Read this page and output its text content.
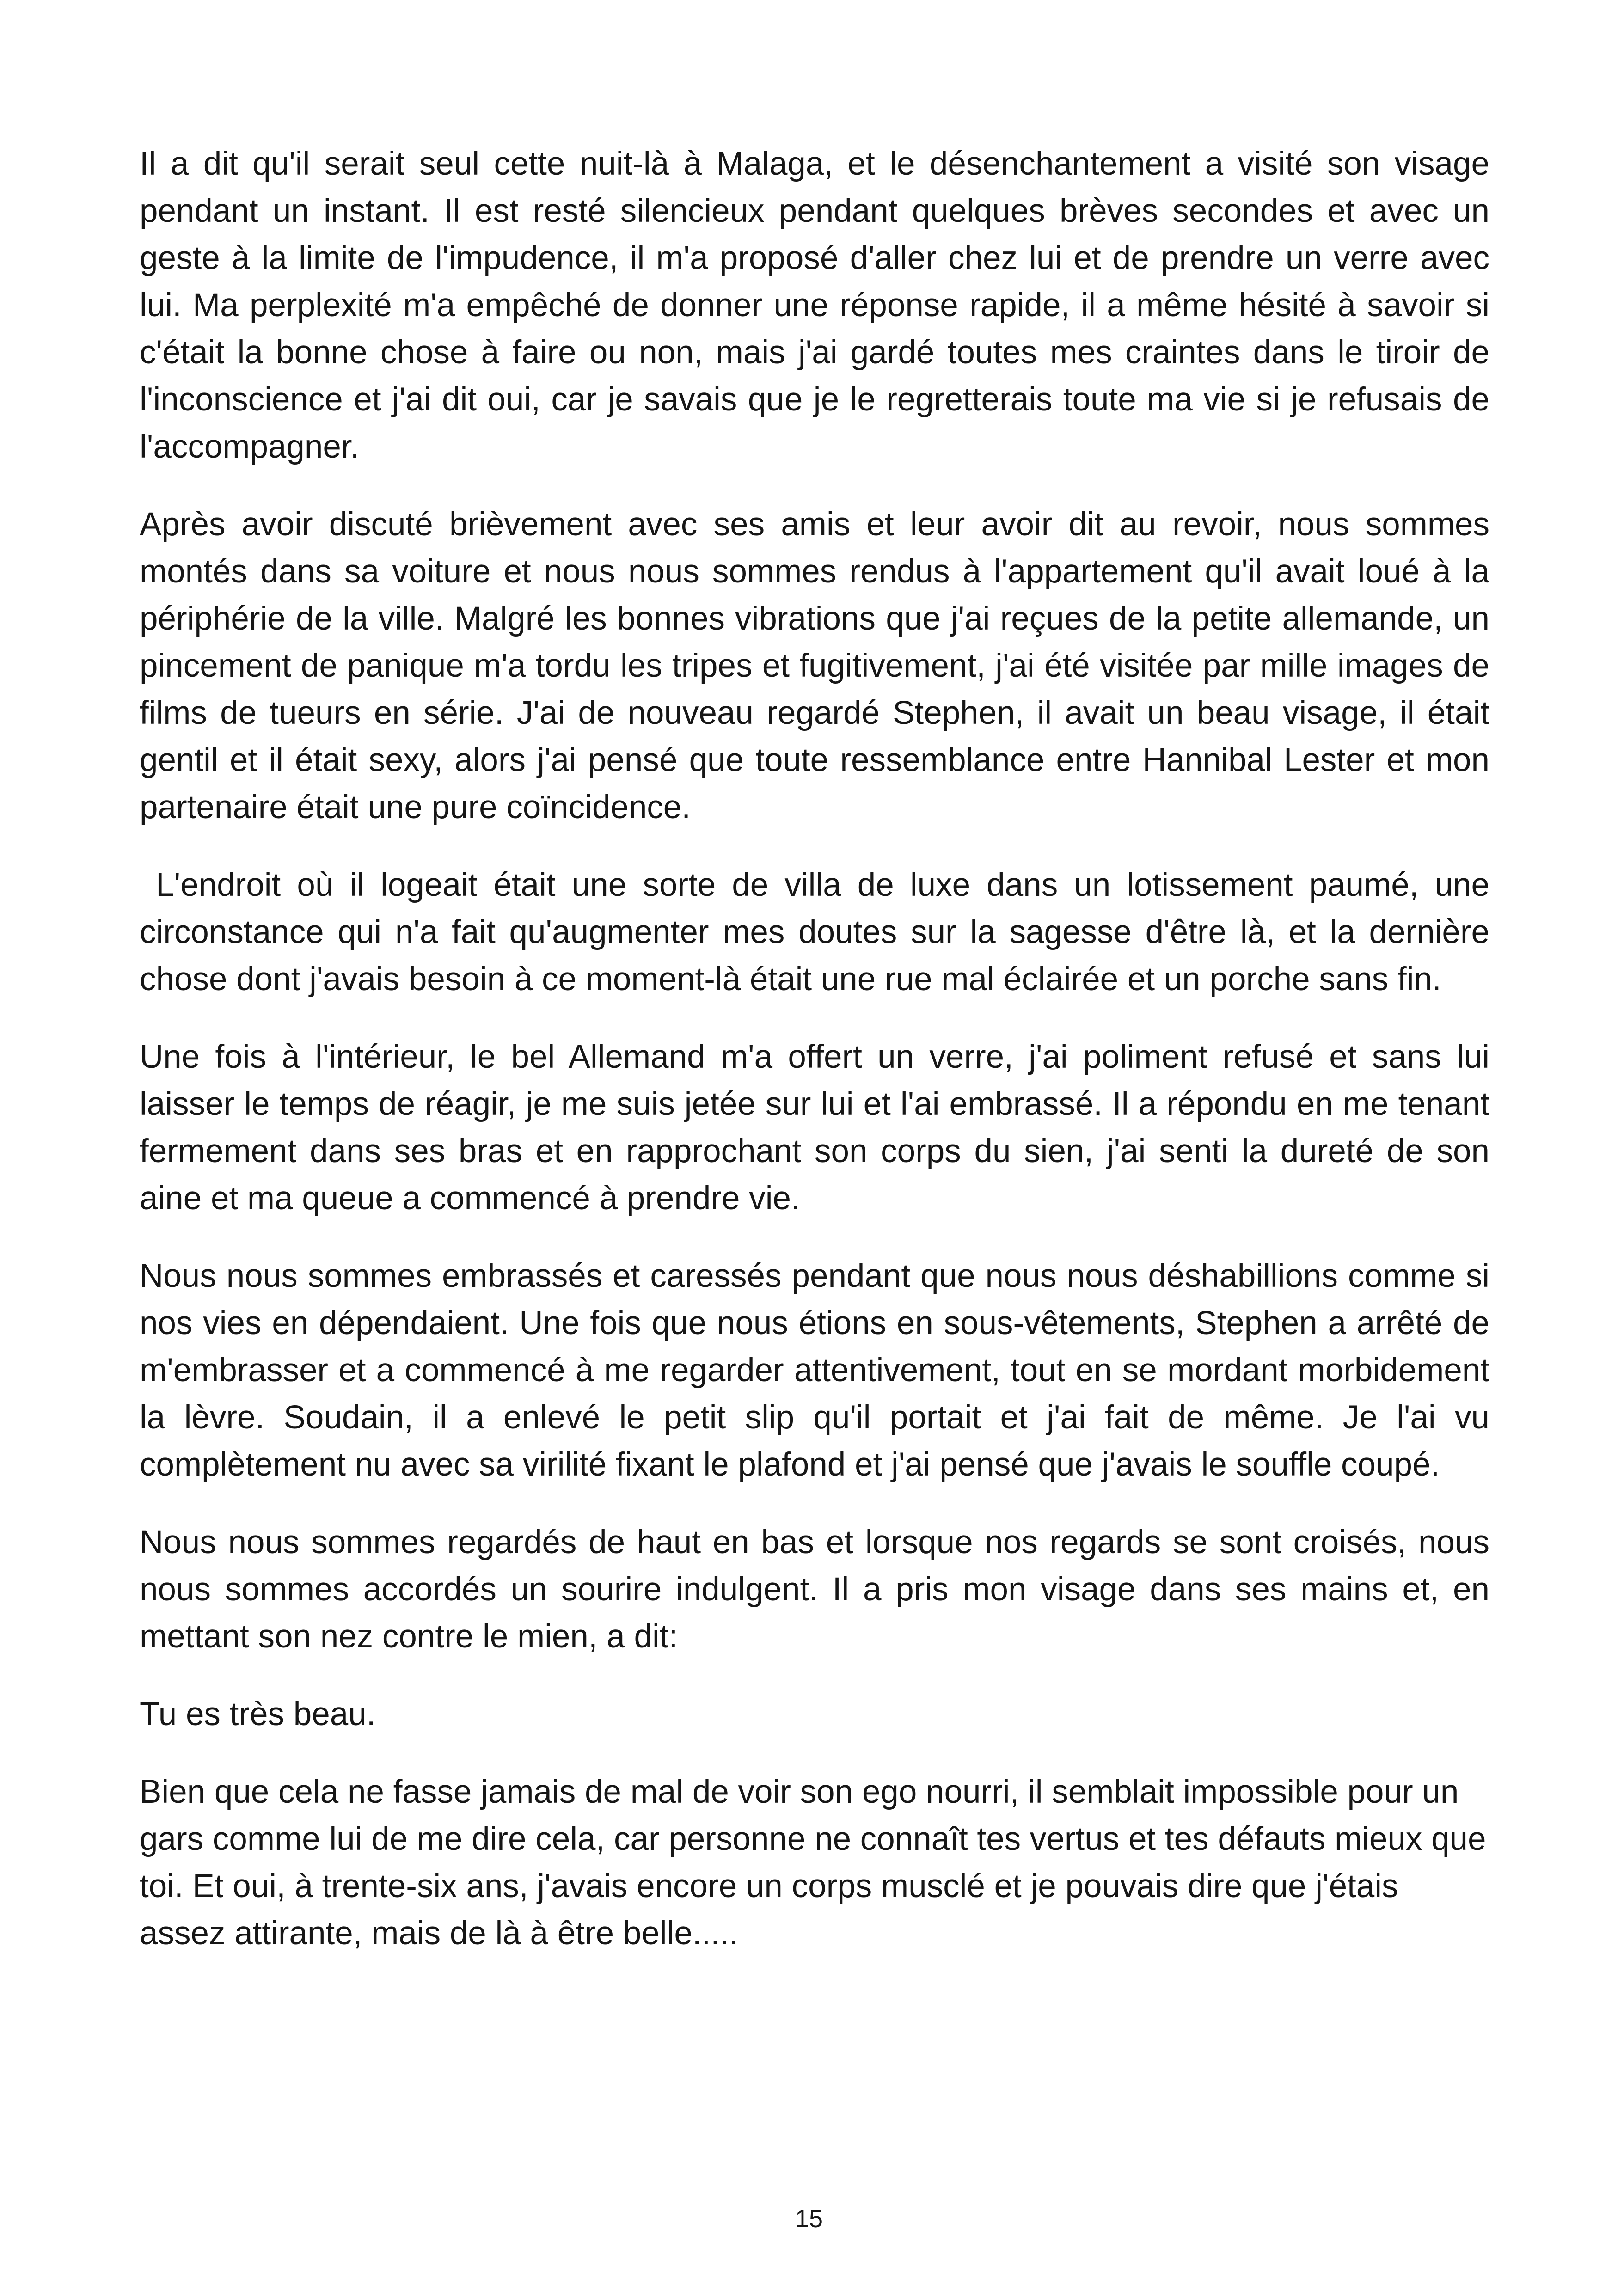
Il a dit qu'il serait seul cette nuit-là à Malaga, et le désenchantement a visité son visage pendant un instant. Il est resté silencieux pendant quelques brèves secondes et avec un geste à la limite de l'impudence, il m'a proposé d'aller chez lui et de prendre un verre avec lui. Ma perplexité m'a empêché de donner une réponse rapide, il a même hésité à savoir si c'était la bonne chose à faire ou non, mais j'ai gardé toutes mes craintes dans le tiroir de l'inconscience et j'ai dit oui, car je savais que je le regretterais toute ma vie si je refusais de l'accompagner.

Après avoir discuté brièvement avec ses amis et leur avoir dit au revoir, nous sommes montés dans sa voiture et nous nous sommes rendus à l'appartement qu'il avait loué à la périphérie de la ville. Malgré les bonnes vibrations que j'ai reçues de la petite allemande, un pincement de panique m'a tordu les tripes et fugitivement, j'ai été visitée par mille images de films de tueurs en série. J'ai de nouveau regardé Stephen, il avait un beau visage, il était gentil et il était sexy, alors j'ai pensé que toute ressemblance entre Hannibal Lester et mon partenaire était une pure coïncidence.

L'endroit où il logeait était une sorte de villa de luxe dans un lotissement paumé, une circonstance qui n'a fait qu'augmenter mes doutes sur la sagesse d'être là, et la dernière chose dont j'avais besoin à ce moment-là était une rue mal éclairée et un porche sans fin.

Une fois à l'intérieur, le bel Allemand m'a offert un verre, j'ai poliment refusé et sans lui laisser le temps de réagir, je me suis jetée sur lui et l'ai embrassé. Il a répondu en me tenant fermement dans ses bras et en rapprochant son corps du sien, j'ai senti la dureté de son aine et ma queue a commencé à prendre vie.

Nous nous sommes embrassés et caressés pendant que nous nous déshabillions comme si nos vies en dépendaient. Une fois que nous étions en sous-vêtements, Stephen a arrêté de m'embrasser et a commencé à me regarder attentivement, tout en se mordant morbidement la lèvre. Soudain, il a enlevé le petit slip qu'il portait et j'ai fait de même. Je l'ai vu complètement nu avec sa virilité fixant le plafond et j'ai pensé que j'avais le souffle coupé.

Nous nous sommes regardés de haut en bas et lorsque nos regards se sont croisés, nous nous sommes accordés un sourire indulgent. Il a pris mon visage dans ses mains et, en mettant son nez contre le mien, a dit:

Tu es très beau.

Bien que cela ne fasse jamais de mal de voir son ego nourri, il semblait impossible pour un gars comme lui de me dire cela, car personne ne connaît tes vertus et tes défauts mieux que toi. Et oui, à trente-six ans, j'avais encore un corps musclé et je pouvais dire que j'étais assez attirante, mais de là à être belle.....

15
